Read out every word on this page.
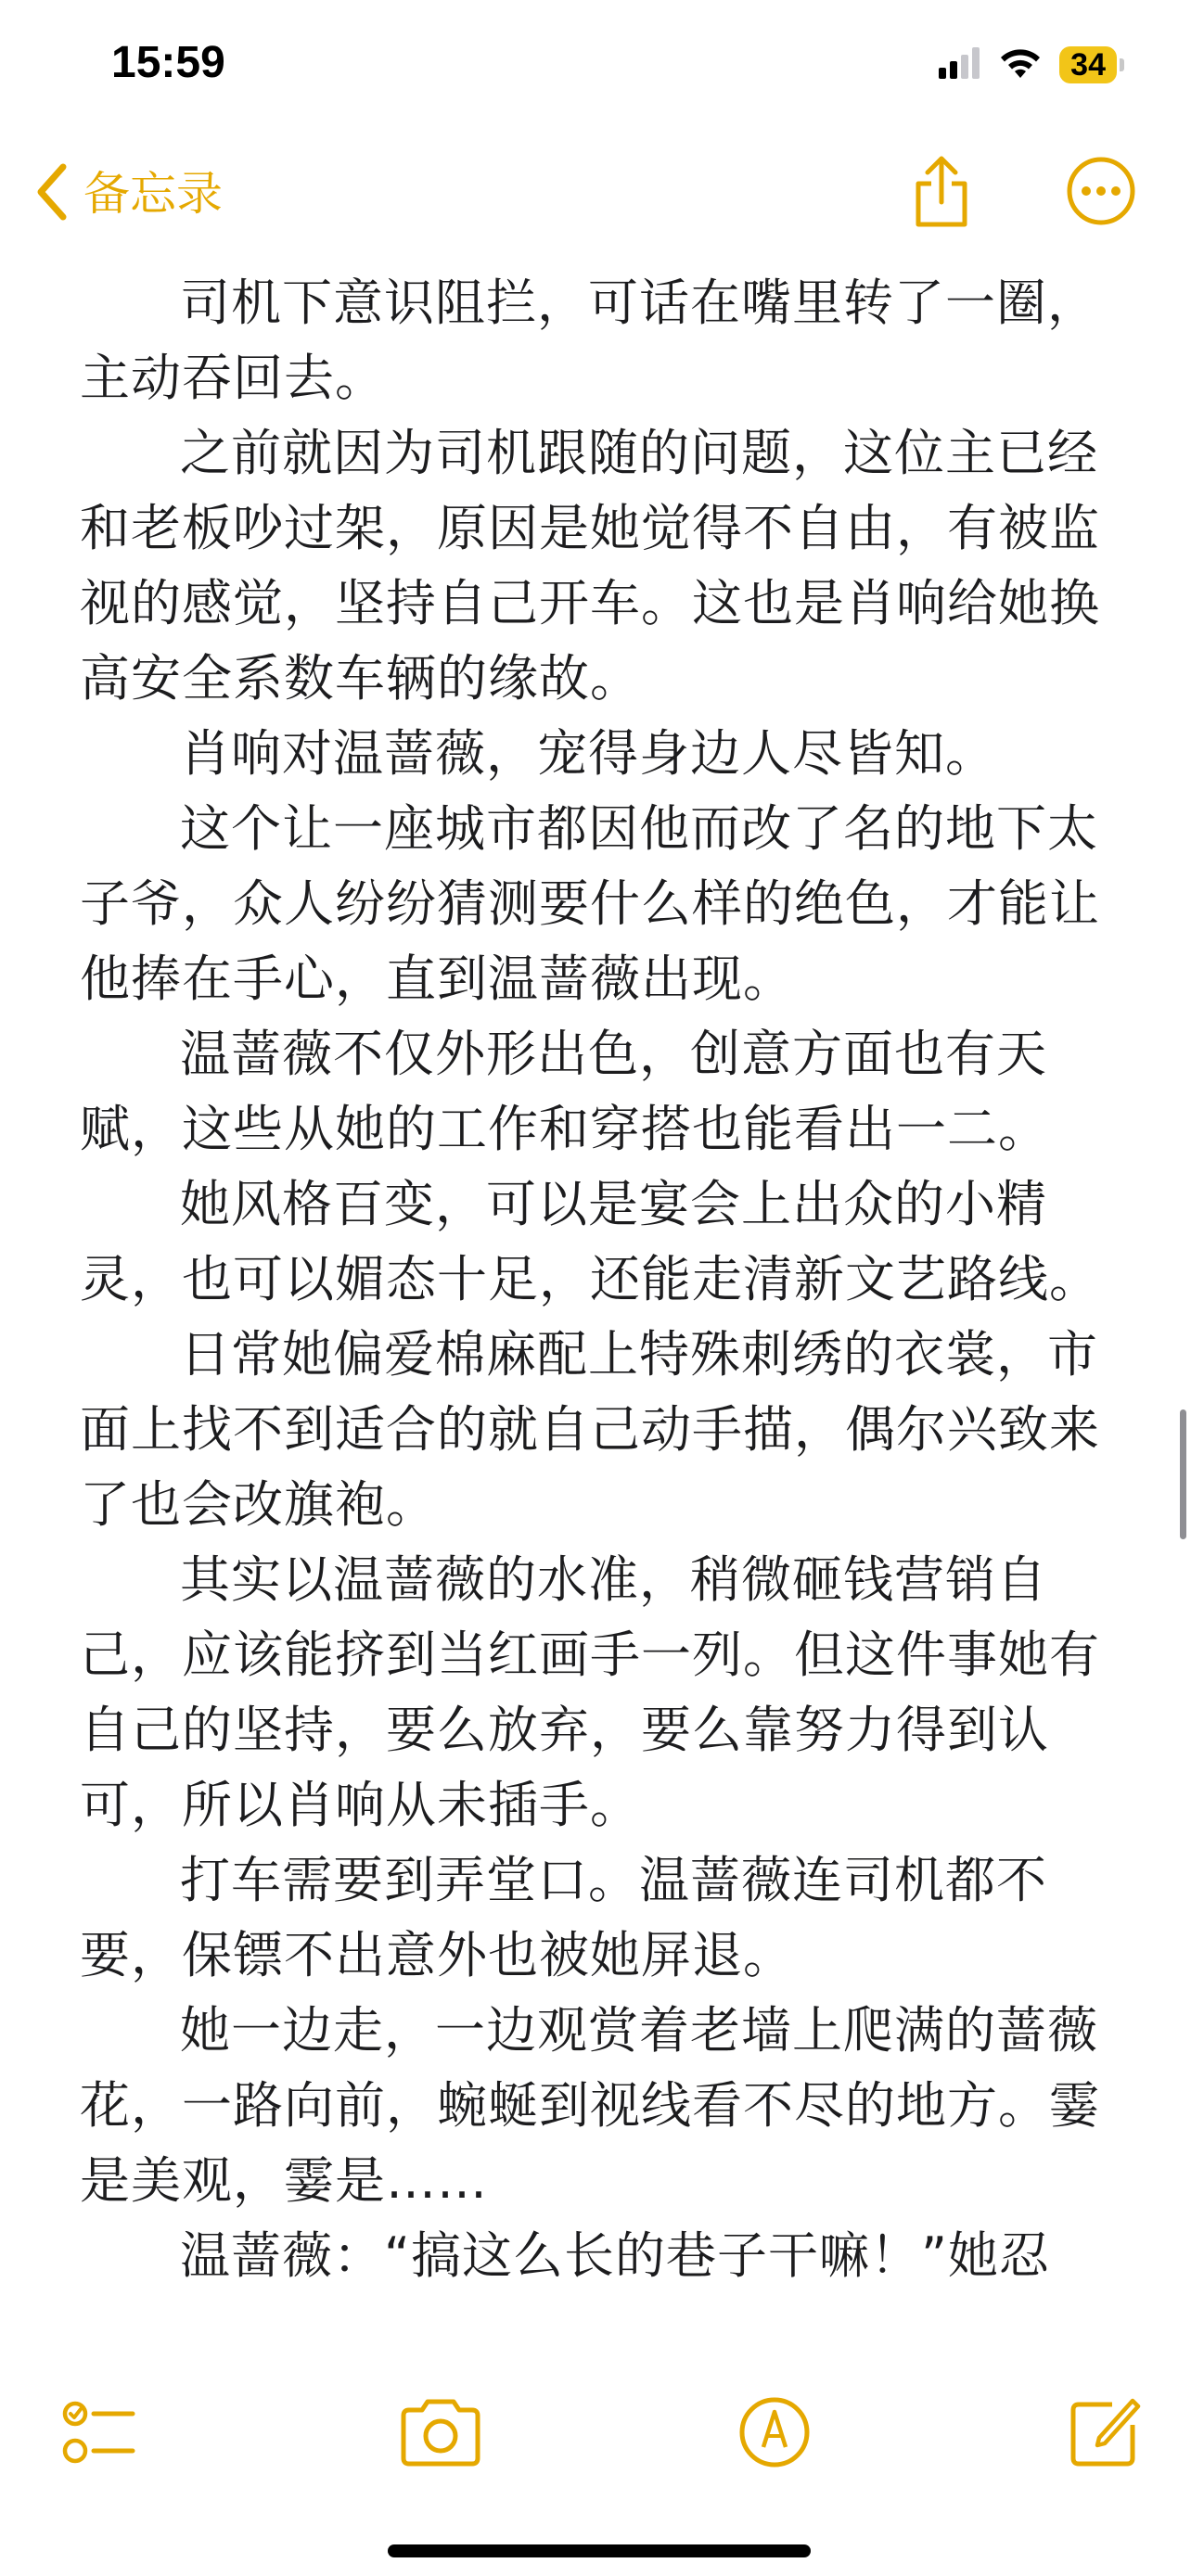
15:59	34

司机下意识阻拦，可话在嘴里转了一圈，主动吞回去。

之前就因为司机跟随的问题，这位主已经和老板吵过架，原因是她觉得不自由，有被监视的感觉，坚持自己开车。这也是肖响给她换高安全系数车辆的缘故。

肖响对温蔷薇，宠得身边人尽皆知。

这个让一座城市都因他而改了名的地下太子爷，众人纷纷猜测要什么样的绝色，才能让他捧在手心，直到温蔷薇出现。

温蔷薇不仅外形出色，创意方面也有天赋，这些从她的工作和穿搭也能看出一二。

她风格百变，可以是宴会上出众的小精灵，也可以媚态十足，还能走清新文艺路线。

日常她偏爱棉麻配上特殊刺绣的衣裳，市面上找不到适合的就自己动手描，偶尔兴致来了也会改旗袍。

其实以温蔷薇的水准，稍微砸钱营销自己，应该能挤到当红画手一列。但这件事她有自己的坚持，要么放弃，要么靠努力得到认可，所以肖响从未插手。

打车需要到弄堂口。温蔷薇连司机都不要，保镖不出意外也被她屏退。

她一边走，一边观赏着老墙上爬满的蔷薇花，一路向前，蜿蜒到视线看不尽的地方。霎是美观，霎是……

温蔷薇：“搞这么长的巷子干嘛！”她忍

备忘录
